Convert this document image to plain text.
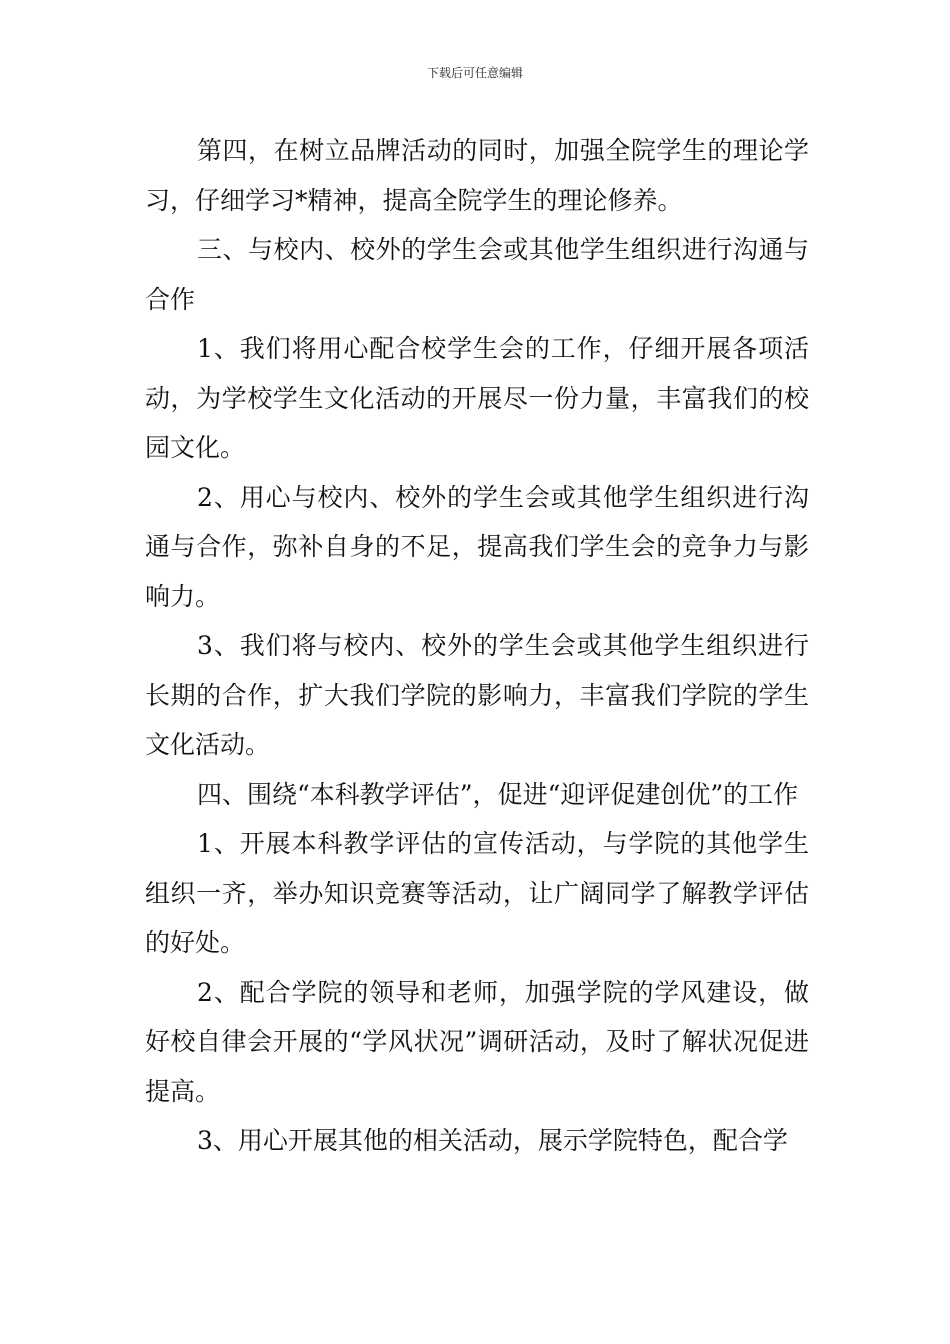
下载后可任意编辑

第四，在树立品牌活动的同时，加强全院学生的理论学习，仔细学习*精神，提高全院学生的理论修养。

三、与校内、校外的学生会或其他学生组织进行沟通与合作

1、我们将用心配合校学生会的工作，仔细开展各项活动，为学校学生文化活动的开展尽一份力量，丰富我们的校园文化。

2、用心与校内、校外的学生会或其他学生组织进行沟通与合作，弥补自身的不足，提高我们学生会的竞争力与影响力。

3、我们将与校内、校外的学生会或其他学生组织进行长期的合作，扩大我们学院的影响力，丰富我们学院的学生文化活动。

四、围绕“本科教学评估”，促进“迎评促建创优”的工作

1、开展本科教学评估的宣传活动，与学院的其他学生组织一齐，举办知识竞赛等活动，让广阔同学了解教学评估的好处。

2、配合学院的领导和老师，加强学院的学风建设，做好校自律会开展的“学风状况”调研活动，及时了解状况促进提高。

3、用心开展其他的相关活动，展示学院特色，配合学
